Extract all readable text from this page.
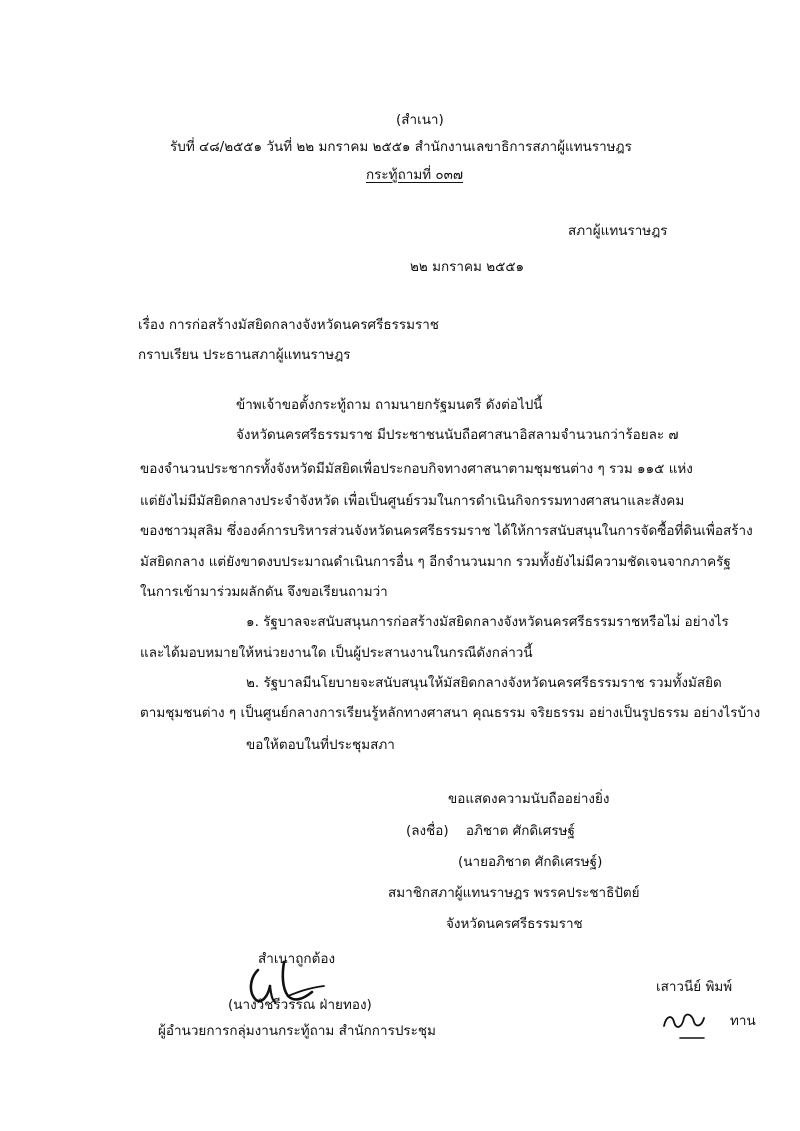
(สำเนา)
รับที่ ๔๘/๒๕๕๑ วันที่ ๒๒ มกราคม ๒๕๕๑ สำนักงานเลขาธิการสภาผู้แทนราษฎร
กระทู้ถามที่ ๐๓๗
สภาผู้แทนราษฎร
๒๒ มกราคม ๒๕๕๑
เรื่อง การก่อสร้างมัสยิดกลางจังหวัดนครศรีธรรมราช
กราบเรียน ประธานสภาผู้แทนราษฎร
ข้าพเจ้าขอตั้งกระทู้ถาม ถามนายกรัฐมนตรี ดังต่อไปนี้
จังหวัดนครศรีธรรมราช มีประชาชนนับถือศาสนาอิสลามจำนวนกว่าร้อยละ ๗
ของจำนวนประชากรทั้งจังหวัดมีมัสยิดเพื่อประกอบกิจทางศาสนาตามชุมชนต่าง ๆ รวม ๑๑๕ แห่ง
แต่ยังไม่มีมัสยิดกลางประจำจังหวัด เพื่อเป็นศูนย์รวมในการดำเนินกิจกรรมทางศาสนาและสังคม
ของชาวมุสลิม ซึ่งองค์การบริหารส่วนจังหวัดนครศรีธรรมราช ได้ให้การสนับสนุนในการจัดซื้อที่ดินเพื่อสร้าง
มัสยิดกลาง แต่ยังขาดงบประมาณดำเนินการอื่น ๆ อีกจำนวนมาก รวมทั้งยังไม่มีความชัดเจนจากภาครัฐ
ในการเข้ามาร่วมผลักดัน จึงขอเรียนถามว่า
๑. รัฐบาลจะสนับสนุนการก่อสร้างมัสยิดกลางจังหวัดนครศรีธรรมราชหรือไม่ อย่างไร
และได้มอบหมายให้หน่วยงานใด เป็นผู้ประสานงานในกรณีดังกล่าวนี้
๒. รัฐบาลมีนโยบายจะสนับสนุนให้มัสยิดกลางจังหวัดนครศรีธรรมราช รวมทั้งมัสยิด
ตามชุมชนต่าง ๆ เป็นศูนย์กลางการเรียนรู้หลักทางศาสนา คุณธรรม จริยธรรม อย่างเป็นรูปธรรม อย่างไรบ้าง
ขอให้ตอบในที่ประชุมสภา
ขอแสดงความนับถืออย่างยิ่ง
(ลงชื่อ) อภิชาต ศักดิเศรษฐ์
(นายอภิชาต ศักดิเศรษฐ์)
สมาชิกสภาผู้แทนราษฎร พรรคประชาธิปัตย์
จังหวัดนครศรีธรรมราช
สำเนาถูกต้อง
(นางวัชรีวรรณ ฝ่ายทอง)
ผู้อำนวยการกลุ่มงานกระทู้ถาม สำนักการประชุม
เสาวนีย์ พิมพ์
ทาน
